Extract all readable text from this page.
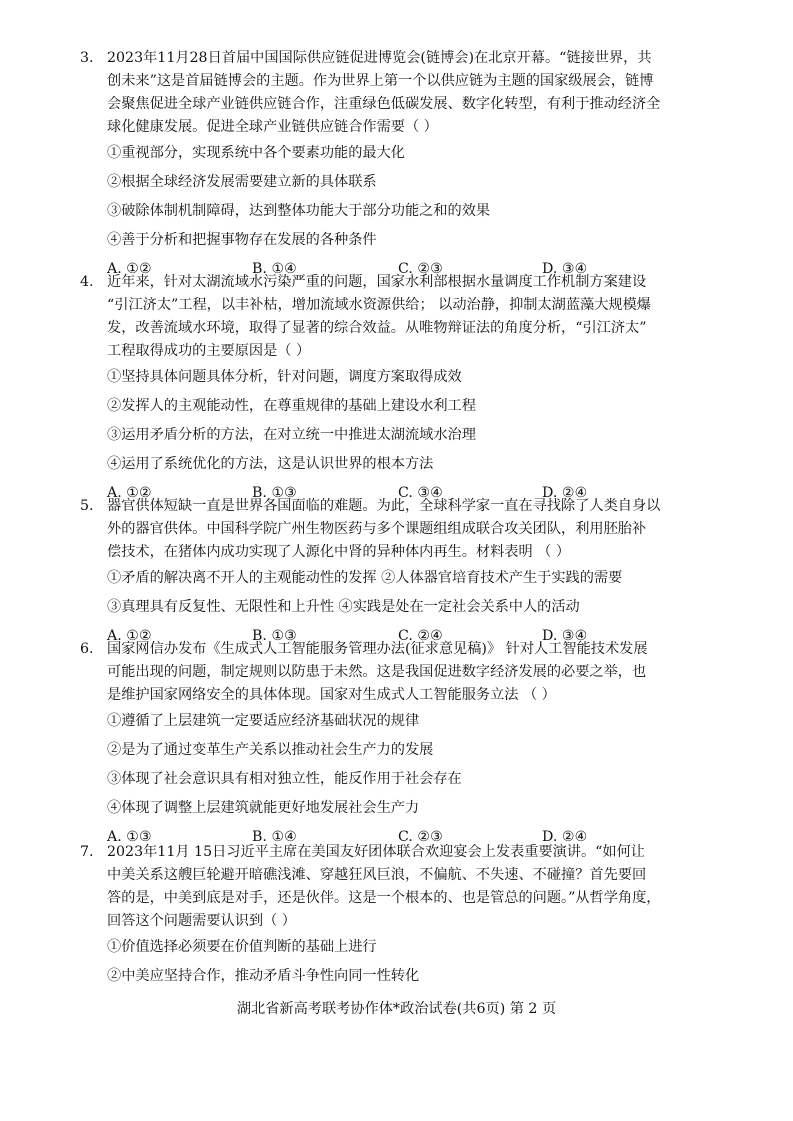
3. 2023年11月28日首届中国国际供应链促进博览会(链博会)在北京开幕。“链接世界，共
创未来”这是首届链博会的主题。作为世界上第一个以供应链为主题的国家级展会，链博
会聚焦促进全球产业链供应链合作，注重绿色低碳发展、数字化转型，有利于推动经济全
球化健康发展。促进全球产业链供应链合作需要（ ）
①重视部分，实现系统中各个要素功能的最大化
②根据全球经济发展需要建立新的具体联系
③破除体制机制障碍，达到整体功能大于部分功能之和的效果
④善于分析和把握事物存在发展的各种条件
A. ①②	B. ①④	C. ②③	D. ③④
4. 近年来，针对太湖流域水污染严重的问题，国家水利部根据水量调度工作机制方案建设
“引江济太”工程，以丰补枯，增加流域水资源供给； 以动治静，抑制太湖蓝藻大规模爆
发，改善流域水环境，取得了显著的综合效益。从唯物辩证法的角度分析，“引江济太”
工程取得成功的主要原因是（ ）
①坚持具体问题具体分析，针对问题，调度方案取得成效
②发挥人的主观能动性，在尊重规律的基础上建设水利工程
③运用矛盾分析的方法，在对立统一中推进太湖流域水治理
④运用了系统优化的方法，这是认识世界的根本方法
A. ①②	B. ①③	C. ③④	D. ②④
5. 器官供体短缺一直是世界各国面临的难题。为此，全球科学家一直在寻找除了人类自身以
外的器官供体。中国科学院广州生物医药与多个课题组组成联合攻关团队，利用胚胎补
偿技术，在猪体内成功实现了人源化中肾的异种体内再生。材料表明 （ ）
①矛盾的解决离不开人的主观能动性的发挥 ②人体器官培育技术产生于实践的需要
③真理具有反复性、无限性和上升性 ④实践是处在一定社会关系中人的活动
A. ①②	B. ①③	C. ②④	D. ③④
6. 国家网信办发布《生成式人工智能服务管理办法(征求意见稿)》 针对人工智能技术发展
可能出现的问题，制定规则以防患于未然。这是我国促进数字经济发展的必要之举，也
是维护国家网络安全的具体体现。国家对生成式人工智能服务立法 （ ）
①遵循了上层建筑一定要适应经济基础状况的规律
②是为了通过变革生产关系以推动社会生产力的发展
③体现了社会意识具有相对独立性，能反作用于社会存在
④体现了调整上层建筑就能更好地发展社会生产力
A. ①③	B. ①④	C. ②③	D. ②④
7. 2023年11月 15日习近平主席在美国友好团体联合欢迎宴会上发表重要演讲。“如何让
中美关系这艘巨轮避开暗礁浅滩、穿越狂风巨浪，不偏航、不失速、不碰撞？首先要回
答的是，中美到底是对手，还是伙伴。这是一个根本的、也是管总的问题。”从哲学角度，
回答这个问题需要认识到（ ）
①价值选择必须要在价值判断的基础上进行
②中美应坚持合作，推动矛盾斗争性向同一性转化
湖北省新高考联考协作体*政治试卷(共6页) 第 2 页
